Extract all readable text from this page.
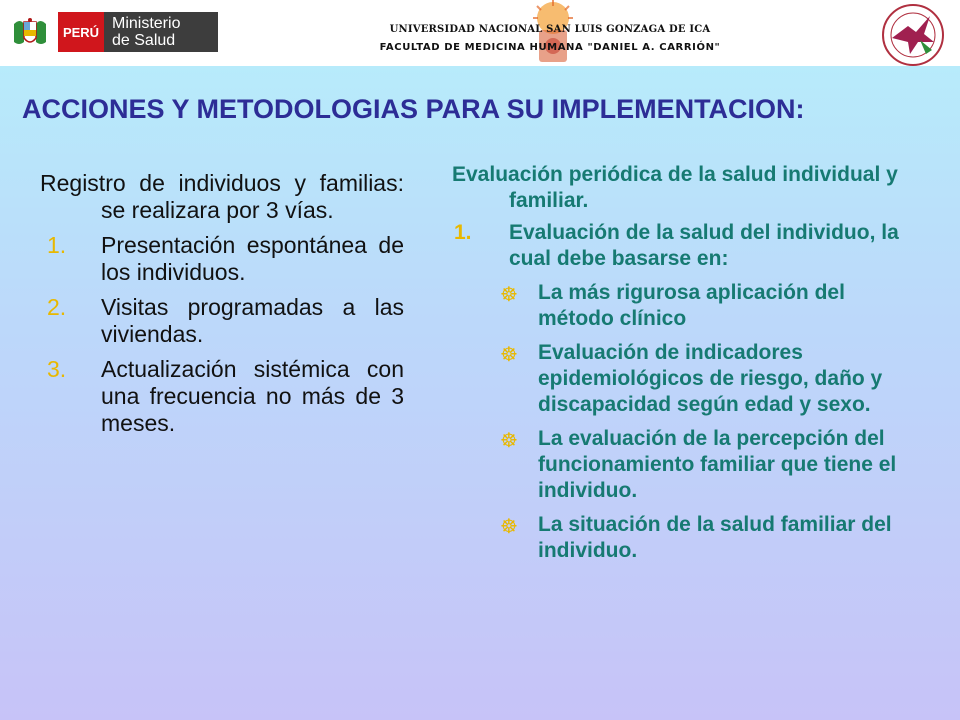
PERÚ Ministerio
de Salud
UNIVERSIDAD NACIONAL SAN LUIS GONZAGA DE ICA
FACULTAD DE MEDICINA HUMANA "DANIEL A. CARRIÓN"
ACCIONES Y METODOLOGIAS PARA SU IMPLEMENTACION:

Registro de individuos y familias: se realizara por 3 vías.

1. Presentación espontánea de los individuos.
2. Visitas programadas a las viviendas.
3. Actualización sistémica con una frecuencia no más de 3 meses.

Evaluación periódica de la salud individual y familiar.

1. Evaluación de la salud del individuo, la cual debe basarse en:
☸ La más rigurosa aplicación del método clínico
☸ Evaluación de indicadores epidemiológicos de riesgo, daño y discapacidad según edad y sexo.
☸ La evaluación de la percepción del funcionamiento familiar que tiene el individuo.
☸ La situación de la salud familiar del individuo.
